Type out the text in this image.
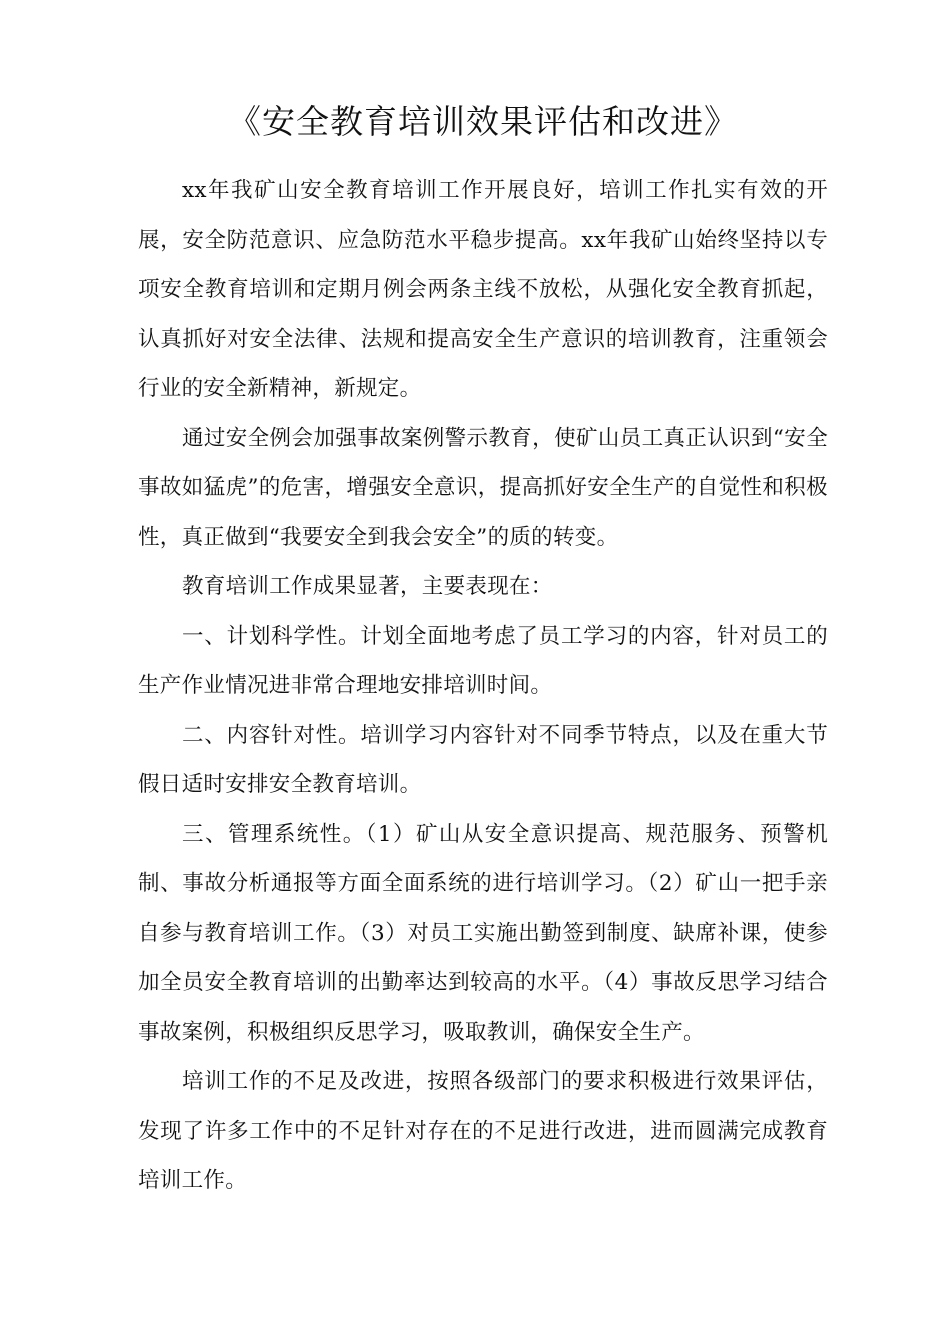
《安全教育培训效果评估和改进》

xx年我矿山安全教育培训工作开展良好，培训工作扎实有效的开展，安全防范意识、应急防范水平稳步提高。xx年我矿山始终坚持以专项安全教育培训和定期月例会两条主线不放松，从强化安全教育抓起，认真抓好对安全法律、法规和提高安全生产意识的培训教育，注重领会行业的安全新精神，新规定。

通过安全例会加强事故案例警示教育，使矿山员工真正认识到“安全事故如猛虎”的危害，增强安全意识，提高抓好安全生产的自觉性和积极性，真正做到“我要安全到我会安全”的质的转变。

教育培训工作成果显著，主要表现在：

一、计划科学性。计划全面地考虑了员工学习的内容，针对员工的生产作业情况进非常合理地安排培训时间。

二、内容针对性。培训学习内容针对不同季节特点，以及在重大节假日适时安排安全教育培训。

三、管理系统性。（1）矿山从安全意识提高、规范服务、预警机制、事故分析通报等方面全面系统的进行培训学习。（2）矿山一把手亲自参与教育培训工作。（3）对员工实施出勤签到制度、缺席补课，使参加全员安全教育培训的出勤率达到较高的水平。（4）事故反思学习结合事故案例，积极组织反思学习，吸取教训，确保安全生产。

培训工作的不足及改进，按照各级部门的要求积极进行效果评估，发现了许多工作中的不足针对存在的不足进行改进，进而圆满完成教育培训工作。
